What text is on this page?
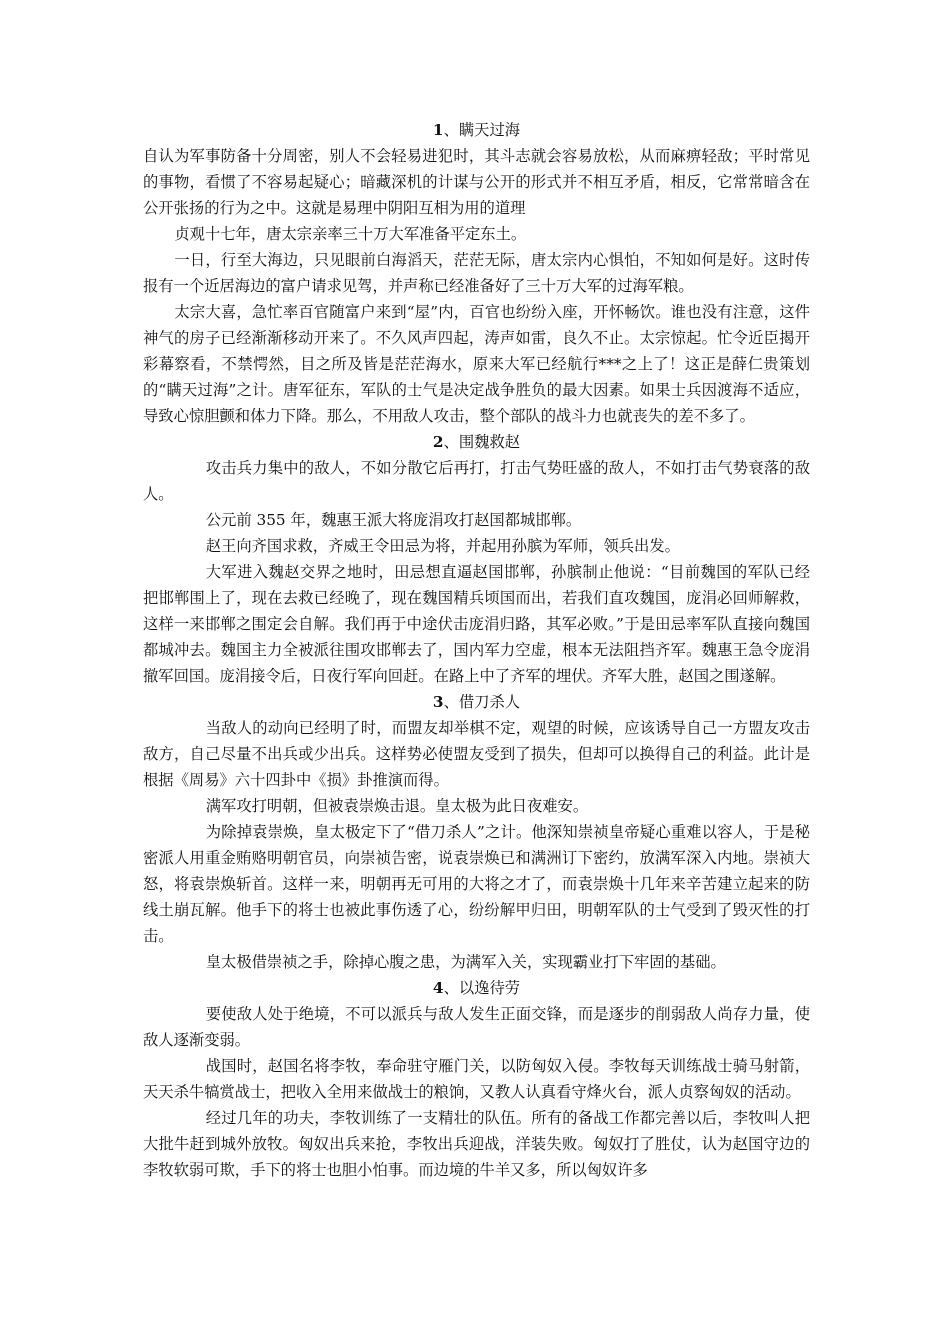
1、瞒天过海

自认为军事防备十分周密，别人不会轻易进犯时，其斗志就会容易放松，从而麻痹轻敌；平时常见的事物，看惯了不容易起疑心；暗藏深机的计谋与公开的形式并不相互矛盾，相反，它常常暗含在公开张扬的行为之中。这就是易理中阴阳互相为用的道理

贞观十七年，唐太宗亲率三十万大军准备平定东土。

一日，行至大海边，只见眼前白海滔天，茫茫无际，唐太宗内心惧怕，不知如何是好。这时传报有一个近居海边的富户请求见驾，并声称已经准备好了三十万大军的过海军粮。

太宗大喜，急忙率百官随富户来到“屋”内，百官也纷纷入座，开怀畅饮。谁也没有注意，这件神气的房子已经渐渐移动开来了。不久风声四起，涛声如雷，良久不止。太宗惊起。忙令近臣揭开彩幕察看，不禁愕然，目之所及皆是茫茫海水，原来大军已经航行***之上了！这正是薛仁贵策划的“瞒天过海”之计。唐军征东，军队的士气是决定战争胜负的最大因素。如果士兵因渡海不适应，导致心惊胆颤和体力下降。那么，不用敌人攻击，整个部队的战斗力也就丧失的差不多了。

2、围魏救赵

攻击兵力集中的敌人，不如分散它后再打，打击气势旺盛的敌人，不如打击气势衰落的敌人。

公元前 355 年，魏惠王派大将庞涓攻打赵国都城邯郸。

赵王向齐国求救，齐威王令田忌为将，并起用孙膑为军师，领兵出发。

大军进入魏赵交界之地时，田忌想直逼赵国邯郸，孙膑制止他说：“目前魏国的军队已经把邯郸围上了，现在去救已经晚了，现在魏国精兵顷国而出，若我们直攻魏国，庞涓必回师解救，这样一来邯郸之围定会自解。我们再于中途伏击庞涓归路，其军必败。”于是田忌率军队直接向魏国都城冲去。魏国主力全被派往围攻邯郸去了，国内军力空虚，根本无法阻挡齐军。魏惠王急令庞涓撤军回国。庞涓接令后，日夜行军向回赶。在路上中了齐军的埋伏。齐军大胜，赵国之围遂解。

3、借刀杀人

当敌人的动向已经明了时，而盟友却举棋不定，观望的时候，应该诱导自己一方盟友攻击敌方，自己尽量不出兵或少出兵。这样势必使盟友受到了损失，但却可以换得自己的利益。此计是根据《周易》六十四卦中《损》卦推演而得。

满军攻打明朝，但被袁崇焕击退。皇太极为此日夜难安。

为除掉袁崇焕，皇太极定下了“借刀杀人”之计。他深知崇祯皇帝疑心重难以容人，于是秘密派人用重金贿赂明朝官员，向崇祯告密，说袁崇焕已和满洲订下密约，放满军深入内地。崇祯大怒，将袁崇焕斩首。这样一来，明朝再无可用的大将之才了，而袁崇焕十几年来辛苦建立起来的防线土崩瓦解。他手下的将士也被此事伤透了心，纷纷解甲归田，明朝军队的士气受到了毁灭性的打击。

皇太极借崇祯之手，除掉心腹之患，为满军入关，实现霸业打下牢固的基础。

4、以逸待劳

要使敌人处于绝境，不可以派兵与敌人发生正面交锋，而是逐步的削弱敌人尚存力量，使敌人逐渐变弱。

战国时，赵国名将李牧，奉命驻守雁门关，以防匈奴入侵。李牧每天训练战士骑马射箭，天天杀牛犒赏战士，把收入全用来做战士的粮饷，又教人认真看守烽火台，派人贞察匈奴的活动。

经过几年的功夫，李牧训练了一支精壮的队伍。所有的备战工作都完善以后，李牧叫人把大批牛赶到城外放牧。匈奴出兵来抢，李牧出兵迎战，洋装失败。匈奴打了胜仗，认为赵国守边的李牧软弱可欺，手下的将士也胆小怕事。而边境的牛羊又多，所以匈奴许多
